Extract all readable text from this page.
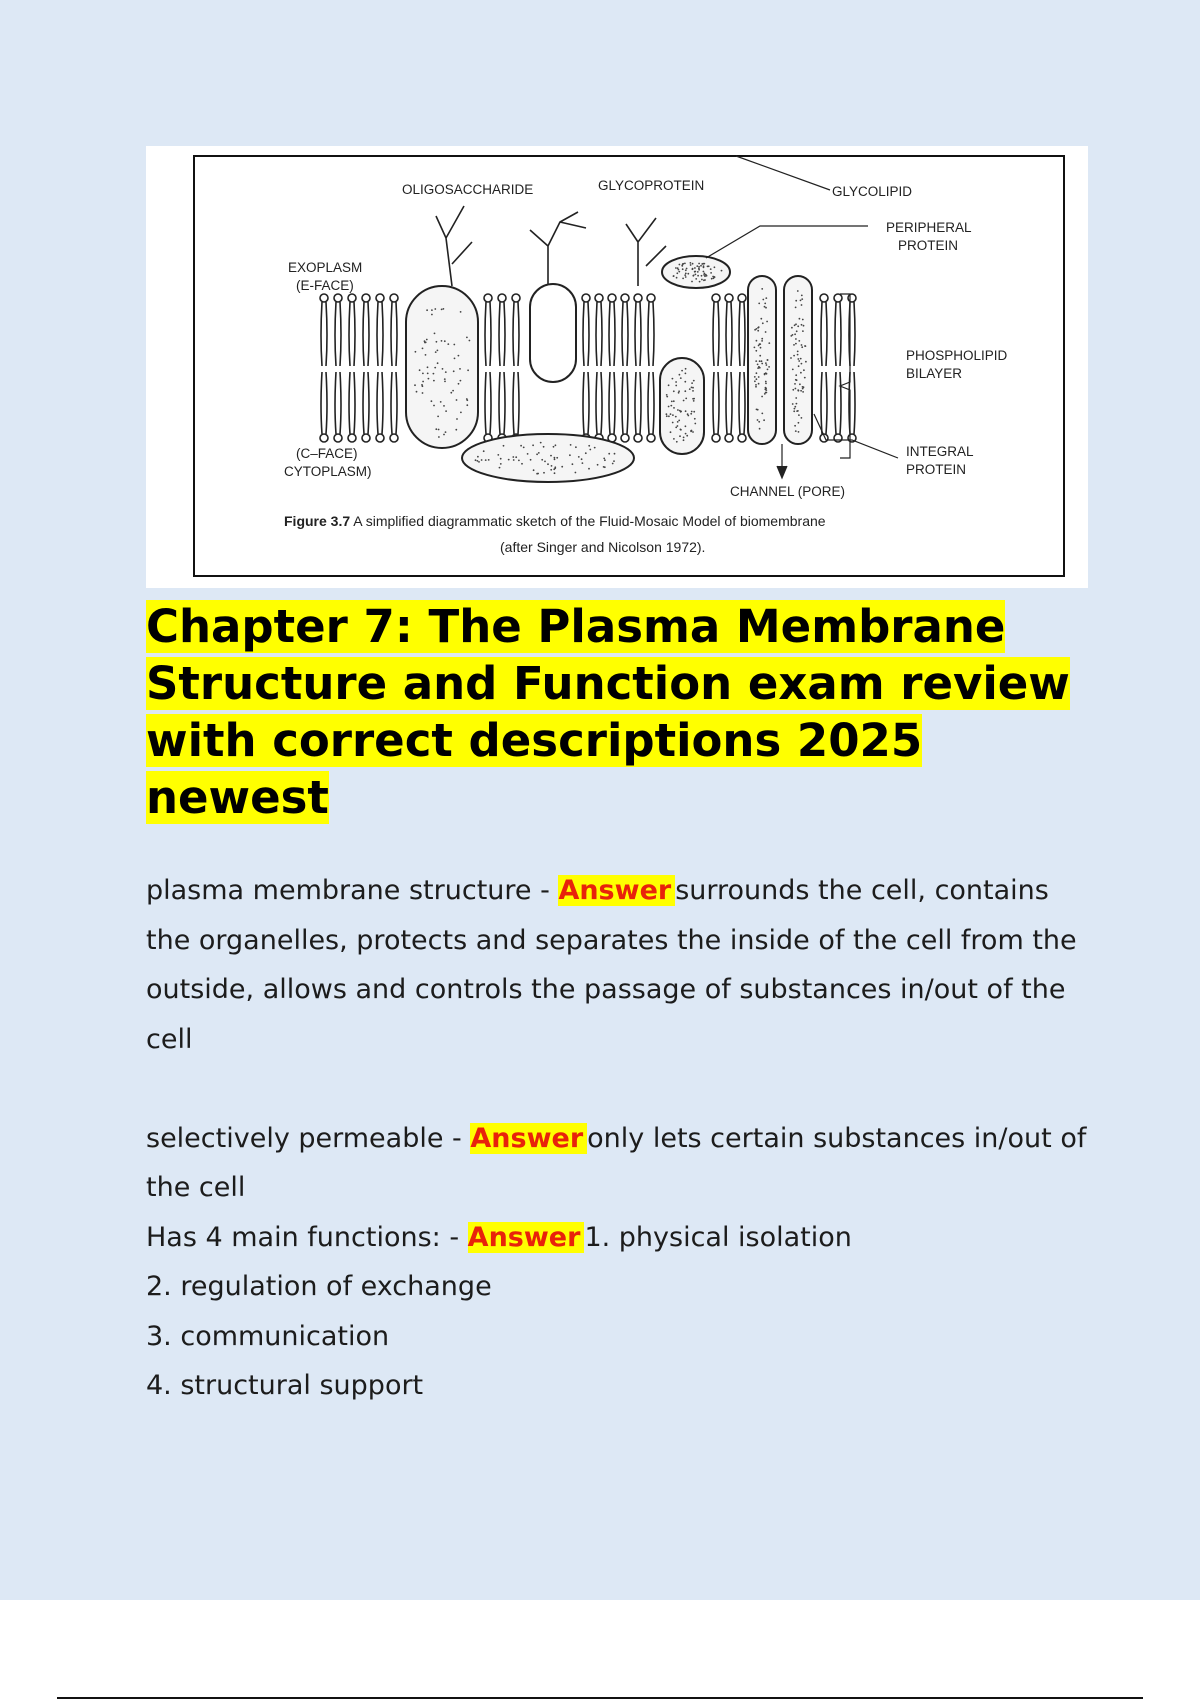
OLIGOSACCHARIDE	GLYCOPROTEIN	GLYCOLIPID
PERIPHERAL
PROTEIN
EXOPLASM
(E-FACE)
PHOSPHOLIPID
BILAYER
(C–FACE)
CYTOPLASM)
INTEGRAL
PROTEIN
CHANNEL (PORE)
Figure 3.7 A simplified diagrammatic sketch of the Fluid-Mosaic Model of biomembrane
(after Singer and Nicolson 1972).
Chapter 7: The Plasma Membrane Structure and Function exam review with correct descriptions 2025 newest

plasma membrane structure - Answer surrounds the cell, contains the organelles, protects and separates the inside of the cell from the outside, allows and controls the passage of substances in/out of the cell

selectively permeable - Answer only lets certain substances in/out of the cell

Has 4 main functions: - Answer 1. physical isolation

2. regulation of exchange

3. communication

4. structural support
